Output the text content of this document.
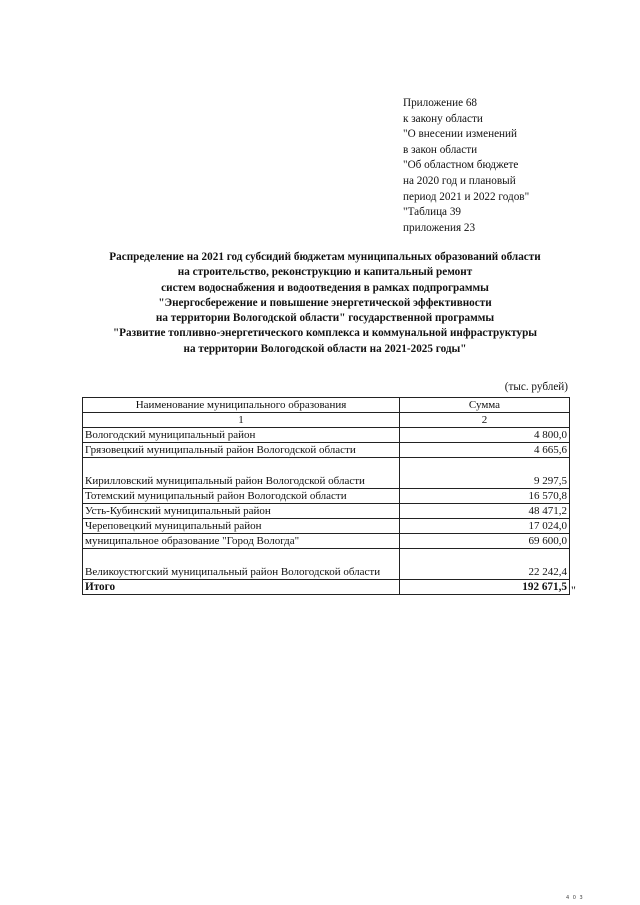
Приложение 68
к закону области
"О внесении изменений
в закон области
"Об областном бюджете
на 2020 год и плановый
период 2021 и 2022 годов"
"Таблица 39
приложения 23
Распределение на 2021 год субсидий бюджетам муниципальных образований области
на строительство, реконструкцию и капитальный ремонт
систем водоснабжения и водоотведения в рамках подпрограммы
"Энергосбережение и повышение энергетической эффективности
на территории Вологодской области" государственной программы
"Развитие топливно-энергетического комплекса и коммунальной инфраструктуры
на территории Вологодской области на 2021-2025 годы"
(тыс. рублей)
Наименование муниципального образования	Сумма
1	2
Вологодский муниципальный район	4 800,0
Грязовецкий муниципальный район Вологодской области	4 665,6
Кирилловский муниципальный район Вологодской области	9 297,5
Тотемский муниципальный район Вологодской области	16 570,8
Усть-Кубинский муниципальный район	48 471,2
Череповецкий муниципальный район	17 024,0
муниципальное образование "Город Вологда"	69 600,0
Великоустюгский муниципальный район Вологодской области	22 242,4
Итого	192 671,5 "
4 0 3
